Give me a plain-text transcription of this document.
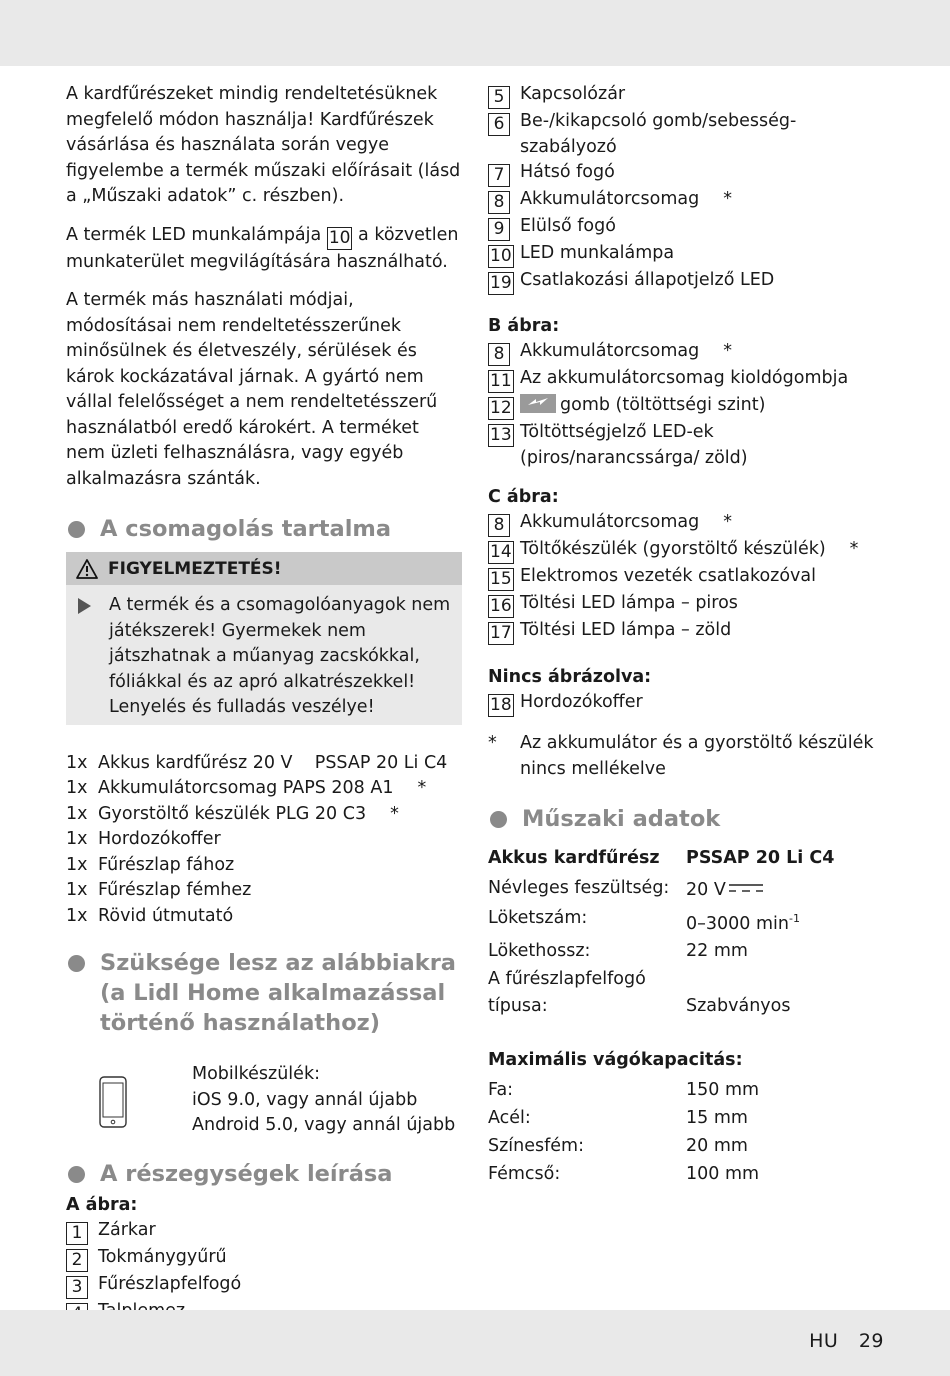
A kardfűrészeket mindig rendeltetésüknek megfelelő módon használja! Kardfűrészek vásárlása és használata során vegye figyelembe a termék műszaki előírásait (lásd a „Műszaki adatok” c. részben).

A termék LED munkalámpája 10 a közvetlen munkaterület megvilágítására használható.

A termék más használati módjai, módosításai nem rendeltetésszerűnek minősülnek és életveszély, sérülések és károk kockázatával járnak. A gyártó nem vállal felelősséget a nem rendeltetésszerű használatból eredő károkért. A terméket nem üzleti felhasználásra, vagy egyéb alkalmazásra szánták.

A csomagolás tartalma
FIGYELMEZTETÉS!
A termék és a csomagolóanyagok nem játékszerek! Gyermekek nem játszhatnak a műanyag zacskókkal, fóliákkal és az apró alkatrészekkel! Lenyelés és fulladás veszélye!
1x Akkus kardfűrész 20 V    PSSAP 20 Li C4
1x Akkumulátorcsomag PAPS 208 A1 *
1x Gyorstöltő készülék PLG 20 C3 *
1x Hordozókoffer
1x Fűrészlap fához
1x Fűrészlap fémhez
1x Rövid útmutató
Szüksége lesz az alábbiakra (a Lidl Home alkalmazással történő használathoz)
Mobilkészülék:
iOS 9.0, vagy annál újabb
Android 5.0, vagy annál újabb
A részegységek leírása
A ábra:
1 Zárkar
2 Tokmánygyűrű
3 Fűrészlapfelfogó
5 Kapcsolózár
6 Be-/kikapcsoló gomb/sebesség-szabályozó
7 Hátsó fogó
8 Akkumulátorcsomag *
9 Elülső fogó
10 LED munkalámpa
19 Csatlakozási állapotjelző LED
B ábra:
8 Akkumulátorcsomag *
11 Az akkumulátorcsomag kioldógombja
12	gomb (töltöttségi szint)
13 Töltöttségjelző LED-ek (piros/narancssárga/ zöld)
C ábra:
8 Akkumulátorcsomag *
14 Töltőkészülék (gyorstöltő készülék) *
15 Elektromos vezeték csatlakozóval
16 Töltési LED lámpa – piros
17 Töltési LED lámpa – zöld
Nincs ábrázolva:
18 Hordozókoffer
*	Az akkumulátor és a gyorstöltő készülék nincs mellékelve
Műszaki adatok
Akkus kardfűrész	PSSAP 20 Li C4
Névleges feszültség: 20 V
Löketszám:	0–3000 $\min^{-1}$
Lökethossz:	22 mm
A fűrészlapfelfogó típusa:	Szabványos
Maximális vágókapacitás:
Fa:	150 mm
Acél:	15 mm
Színesfém:	20 mm
Fémcső:	100 mm
HU 29
